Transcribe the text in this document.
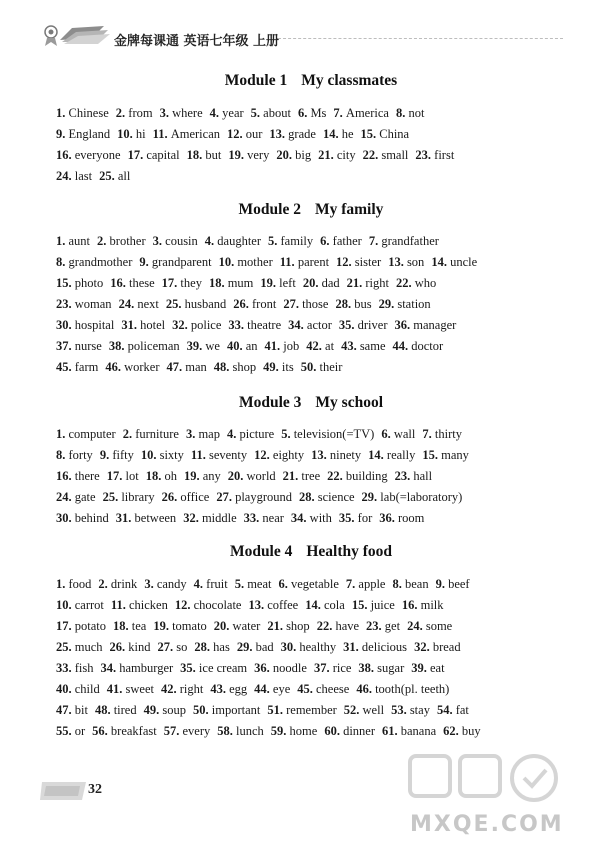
金牌每课通 英语七年级 上册
Module 1 My classmates
1. Chinese 2. from 3. where 4. year 5. about 6. Ms 7. America 8. not
9. England 10. hi 11. American 12. our 13. grade 14. he 15. China
16. everyone 17. capital 18. but 19. very 20. big 21. city 22. small 23. first
24. last 25. all
Module 2 My family
1. aunt 2. brother 3. cousin 4. daughter 5. family 6. father 7. grandfather
8. grandmother 9. grandparent 10. mother 11. parent 12. sister 13. son 14. uncle
15. photo 16. these 17. they 18. mum 19. left 20. dad 21. right 22. who
23. woman 24. next 25. husband 26. front 27. those 28. bus 29. station
30. hospital 31. hotel 32. police 33. theatre 34. actor 35. driver 36. manager
37. nurse 38. policeman 39. we 40. an 41. job 42. at 43. same 44. doctor
45. farm 46. worker 47. man 48. shop 49. its 50. their
Module 3 My school
1. computer 2. furniture 3. map 4. picture 5. television(=TV) 6. wall 7. thirty
8. forty 9. fifty 10. sixty 11. seventy 12. eighty 13. ninety 14. really 15. many
16. there 17. lot 18. oh 19. any 20. world 21. tree 22. building 23. hall
24. gate 25. library 26. office 27. playground 28. science 29. lab(=laboratory)
30. behind 31. between 32. middle 33. near 34. with 35. for 36. room
Module 4 Healthy food
1. food 2. drink 3. candy 4. fruit 5. meat 6. vegetable 7. apple 8. bean 9. beef
10. carrot 11. chicken 12. chocolate 13. coffee 14. cola 15. juice 16. milk
17. potato 18. tea 19. tomato 20. water 21. shop 22. have 23. get 24. some
25. much 26. kind 27. so 28. has 29. bad 30. healthy 31. delicious 32. bread
33. fish 34. hamburger 35. ice cream 36. noodle 37. rice 38. sugar 39. eat
40. child 41. sweet 42. right 43. egg 44. eye 45. cheese 46. tooth(pl. teeth)
47. bit 48. tired 49. soup 50. important 51. remember 52. well 53. stay 54. fat
55. or 56. breakfast 57. every 58. lunch 59. home 60. dinner 61. banana 62. buy
32
MXQE.COM
